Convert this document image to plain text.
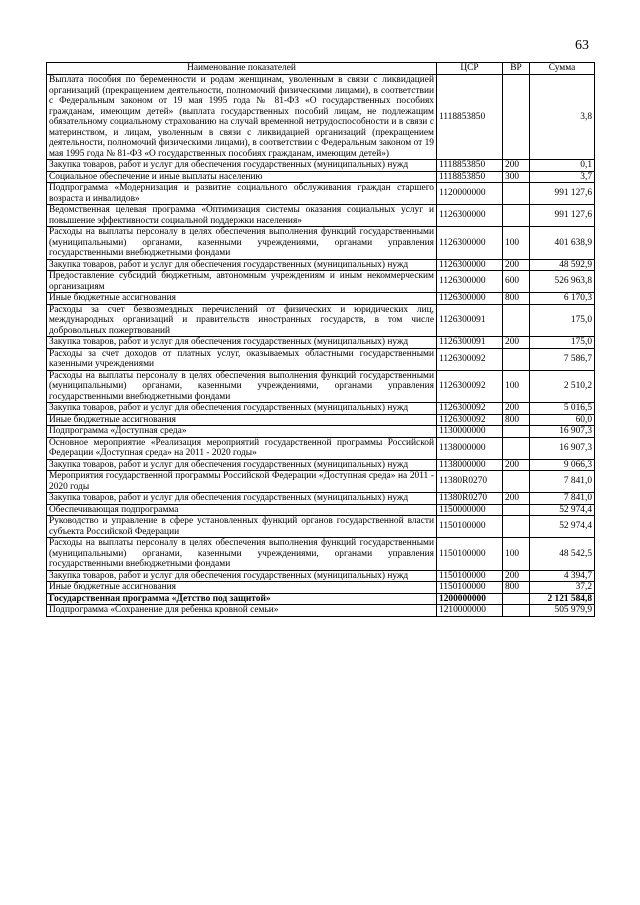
63
Наименование показателей	ЦСР	ВР	Сумма
Выплата пособия по беременности и родам женщинам, уволенным в связи с ликвидацией организаций (прекращением деятельности, полномочий физическими лицами), в соответствии с Федеральным законом от 19 мая 1995 года № 81-ФЗ «О государственных пособиях гражданам, имеющим детей» (выплата государственных пособий лицам, не подлежащим обязательному социальному страхованию на случай временной нетрудоспособности и в связи с материнством, и лицам, уволенным в связи с ликвидацией организаций (прекращением деятельности, полномочий физическими лицами), в соответствии с Федеральным законом от 19 мая 1995 года № 81-ФЗ «О государственных пособиях гражданам, имеющим детей»)	1118853850		3,8
Закупка товаров, работ и услуг для обеспечения государственных (муниципальных) нужд	1118853850	200	0,1
Социальное обеспечение и иные выплаты населению	1118853850	300	3,7
Подпрограмма «Модернизация и развитие социального обслуживания граждан старшего возраста и инвалидов»	1120000000		991 127,6
Ведомственная целевая программа «Оптимизация системы оказания социальных услуг и повышение эффективности социальной поддержки населения»	1126300000		991 127,6
Расходы на выплаты персоналу в целях обеспечения выполнения функций государственными (муниципальными) органами, казенными учреждениями, органами управления государственными внебюджетными фондами	1126300000	100	401 638,9
Закупка товаров, работ и услуг для обеспечения государственных (муниципальных) нужд	1126300000	200	48 592,9
Предоставление субсидий бюджетным, автономным учреждениям и иным некоммерческим организациям	1126300000	600	526 963,8
Иные бюджетные ассигнования	1126300000	800	6 170,3
Расходы за счет безвозмездных перечислений от физических и юридических лиц, международных организаций и правительств иностранных государств, в том числе добровольных пожертвований	1126300091		175,0
Закупка товаров, работ и услуг для обеспечения государственных (муниципальных) нужд	1126300091	200	175,0
Расходы за счет доходов от платных услуг, оказываемых областными государственными казенными учреждениями	1126300092		7 586,7
Расходы на выплаты персоналу в целях обеспечения выполнения функций государственными (муниципальными) органами, казенными учреждениями, органами управления государственными внебюджетными фондами	1126300092	100	2 510,2
Закупка товаров, работ и услуг для обеспечения государственных (муниципальных) нужд	1126300092	200	5 016,5
Иные бюджетные ассигнования	1126300092	800	60,0
Подпрограмма «Доступная среда»	1130000000		16 907,3
Основное мероприятие «Реализация мероприятий государственной программы Российской Федерации «Доступная среда» на 2011 - 2020 годы»	1138000000		16 907,3
Закупка товаров, работ и услуг для обеспечения государственных (муниципальных) нужд	1138000000	200	9 066,3
Мероприятия государственной программы Российской Федерации «Доступная среда» на 2011 - 2020 годы	11380R0270		7 841,0
Закупка товаров, работ и услуг для обеспечения государственных (муниципальных) нужд	11380R0270	200	7 841,0
Обеспечивающая подпрограмма	1150000000		52 974,4
Руководство и управление в сфере установленных функций органов государственной власти субъекта Российской Федерации	1150100000		52 974,4
Расходы на выплаты персоналу в целях обеспечения выполнения функций государственными (муниципальными) органами, казенными учреждениями, органами управления государственными внебюджетными фондами	1150100000	100	48 542,5
Закупка товаров, работ и услуг для обеспечения государственных (муниципальных) нужд	1150100000	200	4 394,7
Иные бюджетные ассигнования	1150100000	800	37,2
Государственная программа «Детство под защитой»	1200000000		2 121 584,8
Подпрограмма «Сохранение для ребенка кровной семьи»	1210000000		505 979,9
